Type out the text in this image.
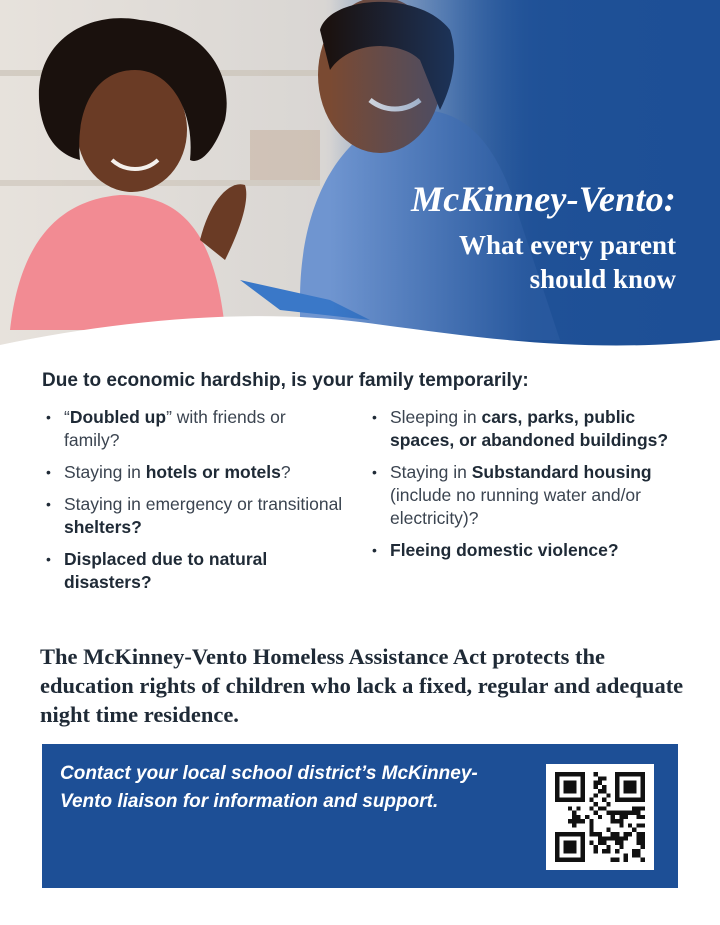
McKinney-Vento:
What every parent should know
Due to economic hardship, is your family temporarily:
• “Doubled up” with friends or family?
• Staying in hotels or motels?
• Staying in emergency or transitional shelters?
• Displaced due to natural disasters?
• Sleeping in cars, parks, public spaces, or abandoned buildings?
• Staying in Substandard housing (include no running water and/or electricity)?
• Fleeing domestic violence?
The McKinney-Vento Homeless Assistance Act protects the education rights of children who lack a fixed, regular and adequate night time residence.
Contact your local school district’s McKinney-Vento liaison for information and support.
